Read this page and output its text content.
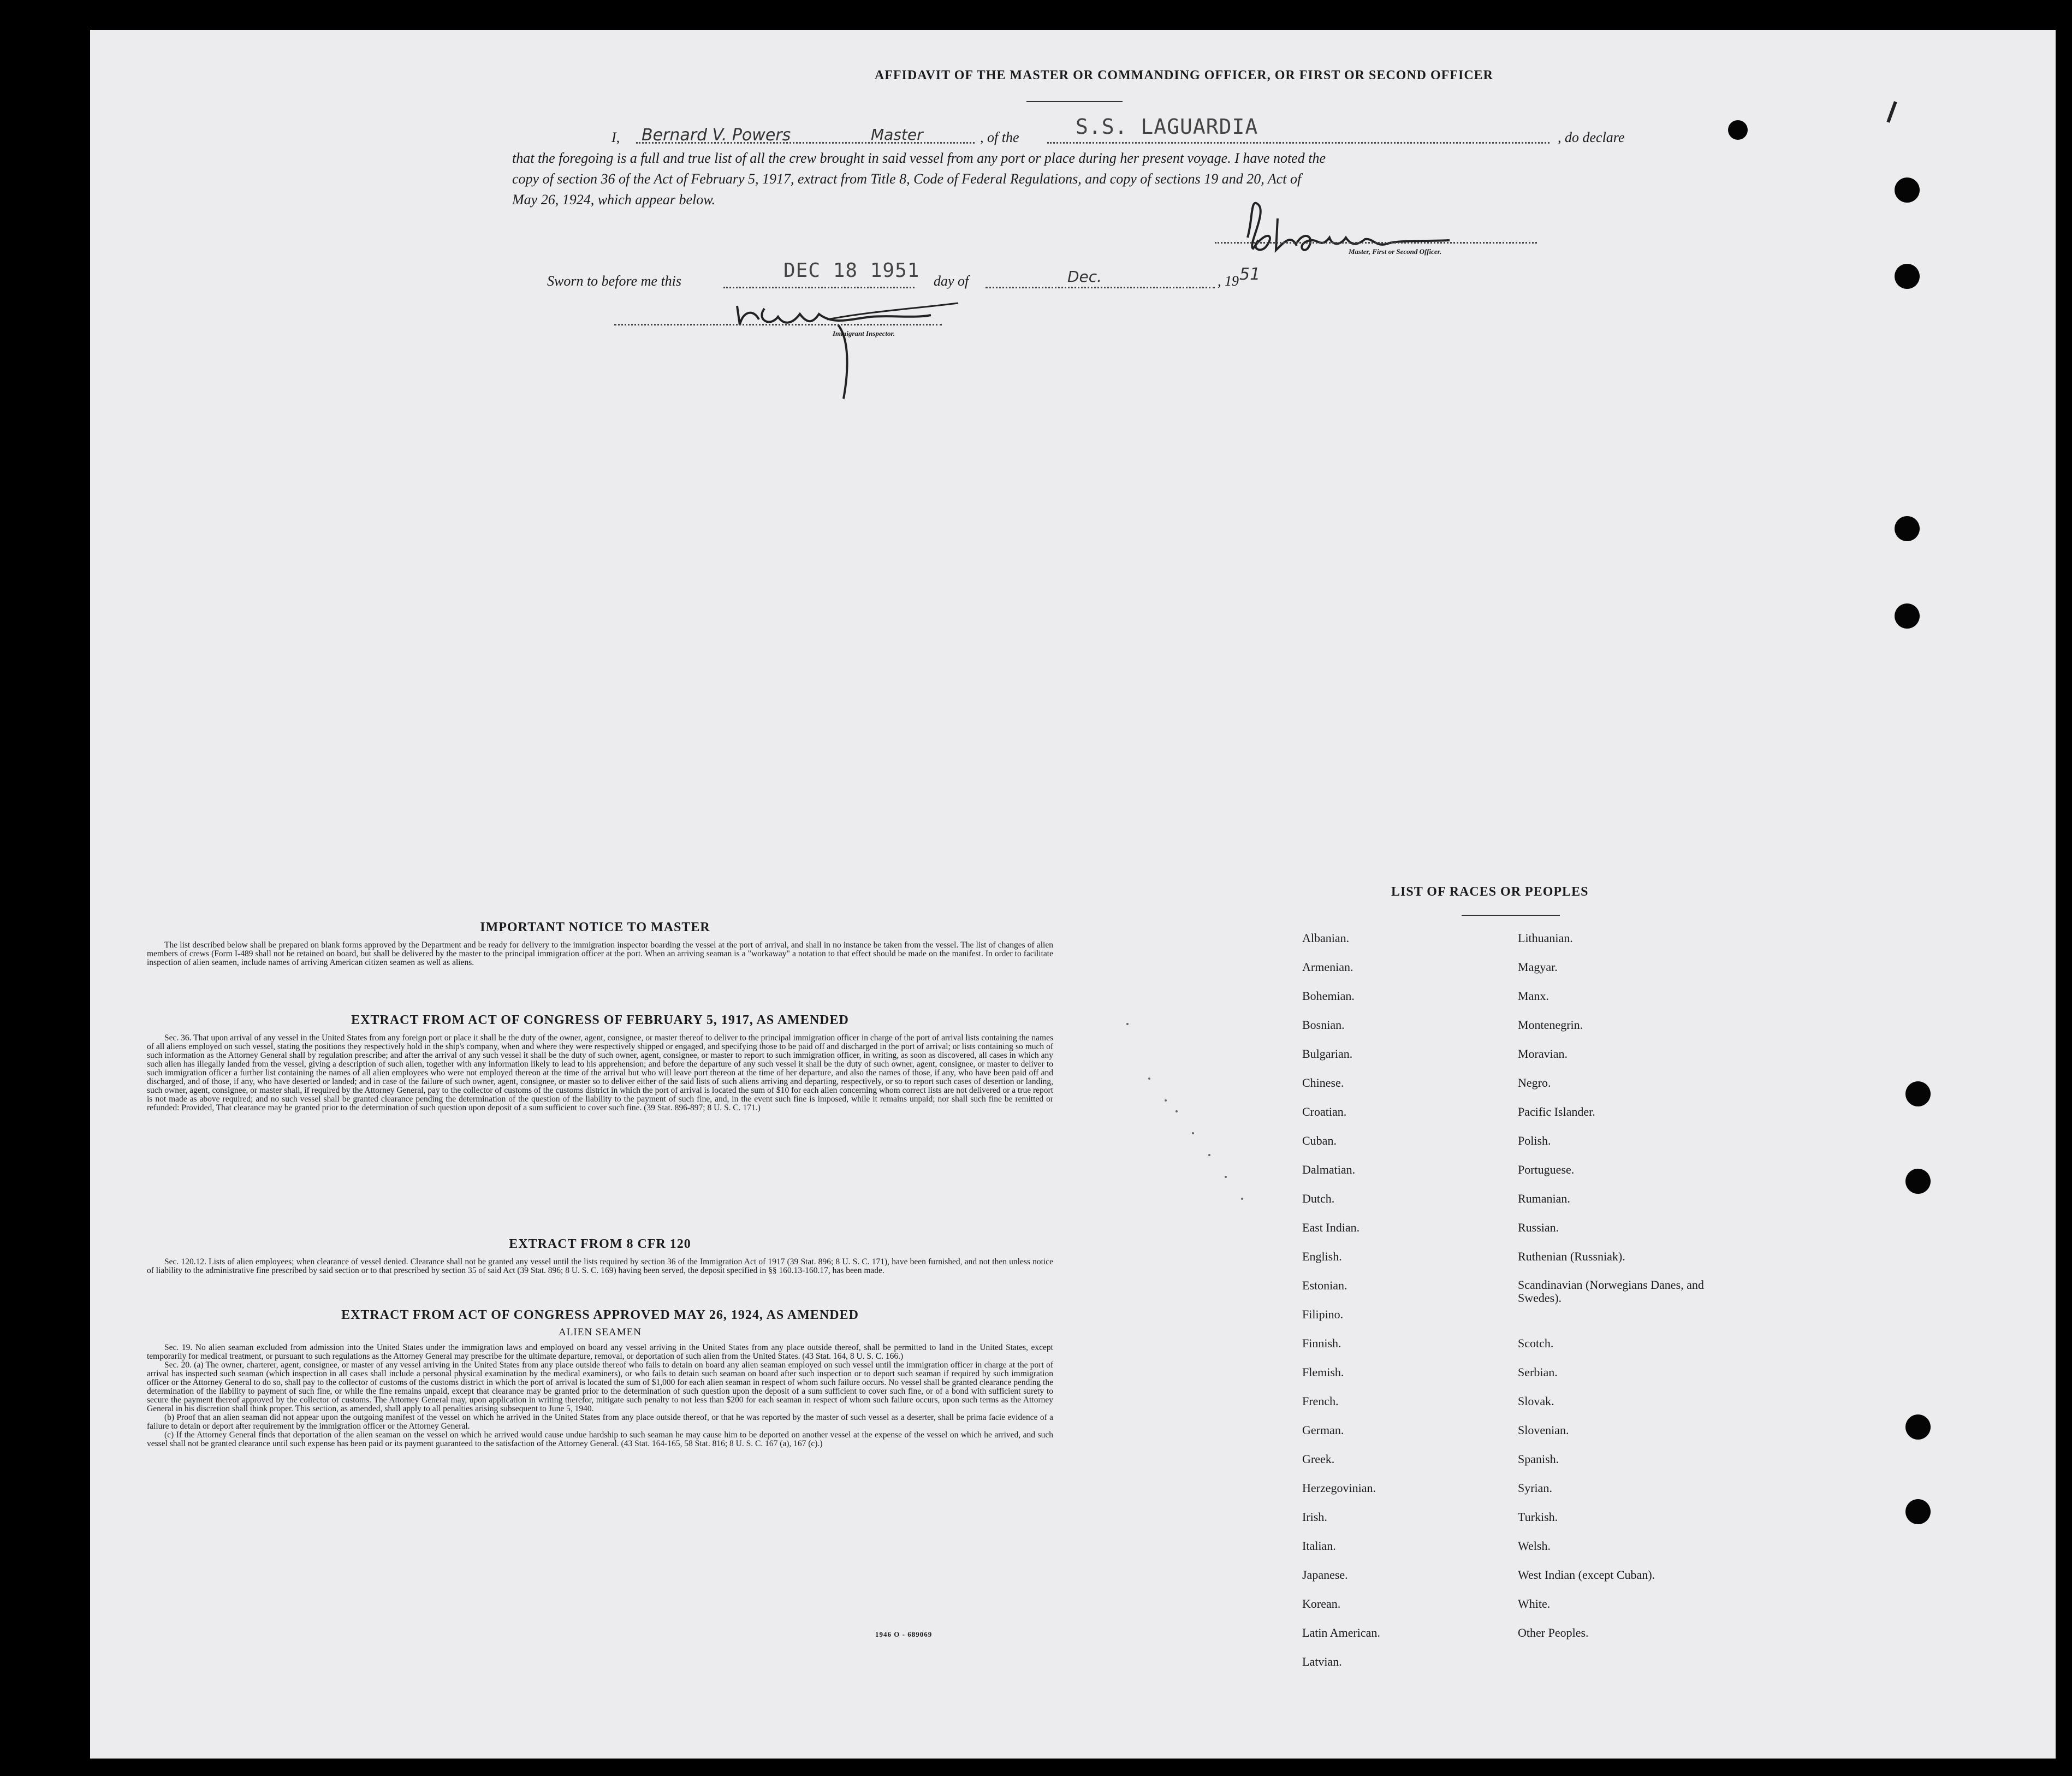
AFFIDAVIT OF THE MASTER OR COMMANDING OFFICER, OR FIRST OR SECOND OFFICER
I, Bernard V. Powers	Master	, of the	S.S. LAGUARDIA	, do declare
that the foregoing is a full and true list of all the crew brought in said vessel from any port or place during her present voyage. I have noted the
copy of section 36 of the Act of February 5, 1917, extract from Title 8, Code of Federal Regulations, and copy of sections 19 and 20, Act of
May 26, 1924, which appear below.
Master, First or Second Officer.
Sworn to before me this	DEC 18 1951 day of	Dec.	, 19 51
Immigrant Inspector.
IMPORTANT NOTICE TO MASTER

The list described below shall be prepared on blank forms approved by the Department and be ready for delivery to the immigration inspector boarding the vessel at the port of arrival, and shall in no instance be taken from the vessel. The list of changes of alien members of crews (Form I-489 shall not be retained on board, but shall be delivered by the master to the principal immigration officer at the port. When an arriving seaman is a "workaway" a notation to that effect should be made on the manifest. In order to facilitate inspection of alien seamen, include names of arriving American citizen seamen as well as aliens.

EXTRACT FROM ACT OF CONGRESS OF FEBRUARY 5, 1917, AS AMENDED

Sec. 36. That upon arrival of any vessel in the United States from any foreign port or place it shall be the duty of the owner, agent, consignee, or master thereof to deliver to the principal immigration officer in charge of the port of arrival lists containing the names of all aliens employed on such vessel, stating the positions they respectively hold in the ship's company, when and where they were respectively shipped or engaged, and specifying those to be paid off and discharged in the port of arrival; or lists containing so much of such information as the Attorney General shall by regulation prescribe; and after the arrival of any such vessel it shall be the duty of such owner, agent, consignee, or master to report to such immigration officer, in writing, as soon as discovered, all cases in which any such alien has illegally landed from the vessel, giving a description of such alien, together with any information likely to lead to his apprehension; and before the departure of any such vessel it shall be the duty of such owner, agent, consignee, or master to deliver to such immigration officer a further list containing the names of all alien employees who were not employed thereon at the time of the arrival but who will leave port thereon at the time of her departure, and also the names of those, if any, who have been paid off and discharged, and of those, if any, who have deserted or landed; and in case of the failure of such owner, agent, consignee, or master so to deliver either of the said lists of such aliens arriving and departing, respectively, or so to report such cases of desertion or landing, such owner, agent, consignee, or master shall, if required by the Attorney General, pay to the collector of customs of the customs district in which the port of arrival is located the sum of $10 for each alien concerning whom correct lists are not delivered or a true report is not made as above required; and no such vessel shall be granted clearance pending the determination of the question of the liability to the payment of such fine, and, in the event such fine is imposed, while it remains unpaid; nor shall such fine be remitted or refunded: Provided, That clearance may be granted prior to the determination of such question upon deposit of a sum sufficient to cover such fine. (39 Stat. 896-897; 8 U. S. C. 171.)

EXTRACT FROM 8 CFR 120

Sec. 120.12. Lists of alien employees; when clearance of vessel denied. Clearance shall not be granted any vessel until the lists required by section 36 of the Immigration Act of 1917 (39 Stat. 896; 8 U. S. C. 171), have been furnished, and not then unless notice of liability to the administrative fine prescribed by said section or to that prescribed by section 35 of said Act (39 Stat. 896; 8 U. S. C. 169) having been served, the deposit specified in §§ 160.13-160.17, has been made.

EXTRACT FROM ACT OF CONGRESS APPROVED MAY 26, 1924, AS AMENDED
ALIEN SEAMEN

Sec. 19. No alien seaman excluded from admission into the United States under the immigration laws and employed on board any vessel arriving in the United States from any place outside thereof, shall be permitted to land in the United States, except temporarily for medical treatment, or pursuant to such regulations as the Attorney General may prescribe for the ultimate departure, removal, or deportation of such alien from the United States. (43 Stat. 164, 8 U. S. C. 166.)

Sec. 20. (a) The owner, charterer, agent, consignee, or master of any vessel arriving in the United States from any place outside thereof who fails to detain on board any alien seaman employed on such vessel until the immigration officer in charge at the port of arrival has inspected such seaman (which inspection in all cases shall include a personal physical examination by the medical examiners), or who fails to detain such seaman on board after such inspection or to deport such seaman if required by such immigration officer or the Attorney General to do so, shall pay to the collector of customs of the customs district in which the port of arrival is located the sum of $1,000 for each alien seaman in respect of whom such failure occurs. No vessel shall be granted clearance pending the determination of the liability to payment of such fine, or while the fine remains unpaid, except that clearance may be granted prior to the determination of such question upon the deposit of a sum sufficient to cover such fine, or of a bond with sufficient surety to secure the payment thereof approved by the collector of customs. The Attorney General may, upon application in writing therefor, mitigate such penalty to not less than $200 for each seaman in respect of whom such failure occurs, upon such terms as the Attorney General in his discretion shall think proper. This section, as amended, shall apply to all penalties arising subsequent to June 5, 1940.

(b) Proof that an alien seaman did not appear upon the outgoing manifest of the vessel on which he arrived in the United States from any place outside thereof, or that he was reported by the master of such vessel as a deserter, shall be prima facie evidence of a failure to detain or deport after requirement by the immigration officer or the Attorney General.

(c) If the Attorney General finds that deportation of the alien seaman on the vessel on which he arrived would cause undue hardship to such seaman he may cause him to be deported on another vessel at the expense of the vessel on which he arrived, and such vessel shall not be granted clearance until such expense has been paid or its payment guaranteed to the satisfaction of the Attorney General. (43 Stat. 164-165, 58 Stat. 816; 8 U. S. C. 167 (a), 167 (c).)

1946 O - 689069
LIST OF RACES OR PEOPLES
Albanian.
Armenian.
Bohemian.
Bosnian.
Bulgarian.
Chinese.
Croatian.
Cuban.
Dalmatian.
Dutch.
East Indian.
English.
Estonian.
Filipino.
Finnish.
Flemish.
French.
German.
Greek.
Herzegovinian.
Irish.
Italian.
Japanese.
Korean.
Latin American.
Latvian.
Lithuanian.
Magyar.
Manx.
Montenegrin.
Moravian.
Negro.
Pacific Islander.
Polish.
Portuguese.
Rumanian.
Russian.
Ruthenian (Russniak).
Scandinavian (Norwegians Danes, and Swedes).
Scotch.
Serbian.
Slovak.
Slovenian.
Spanish.
Syrian.
Turkish.
Welsh.
West Indian (except Cuban).
White.
Other Peoples.
